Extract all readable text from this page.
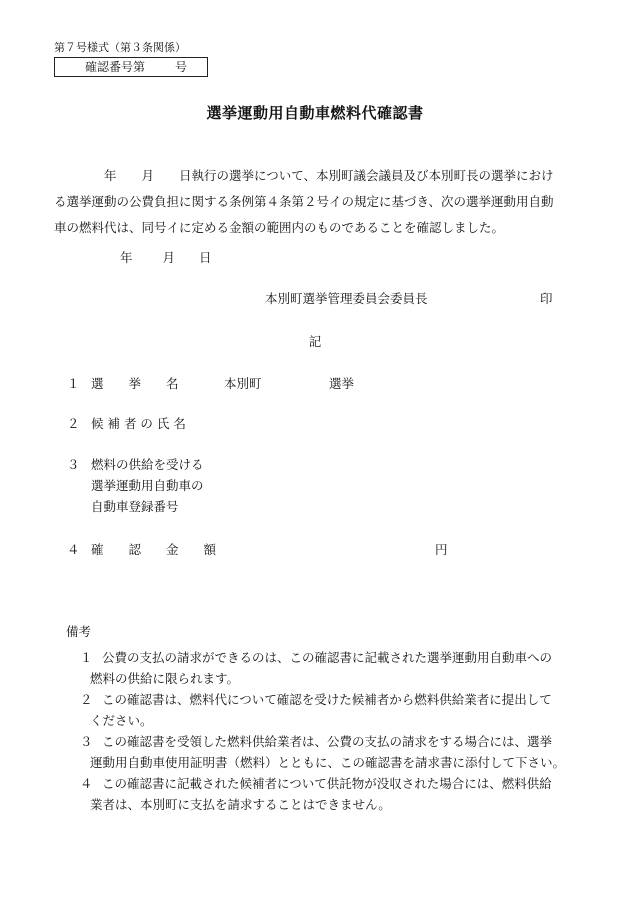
第７号様式（第３条関係）
確認番号第	号
選挙運動用自動車燃料代確認書

　　　　年　　月　　日執行の選挙について、本別町議会議員及び本別町長の選挙におけ

る選挙運動の公費負担に関する条例第４条第２号イの規定に基づき、次の選挙運動用自動

車の燃料代は、同号イに定める金額の範囲内のものであることを確認しました。

年 月 日
本別町選挙管理委員会委員長	印
記
１ 選　　挙　　名	本別町	選挙
２ 候 補 者 の 氏 名
３ 燃料の供給を受ける
選挙運動用自動車の
自動車登録番号
４ 確　　認　　金　　額	円
備考
１ 公費の支払の請求ができるのは、この確認書に記載された選挙運動用自動車への
燃料の供給に限られます。
２ この確認書は、燃料代について確認を受けた候補者から燃料供給業者に提出して
ください。
３ この確認書を受領した燃料供給業者は、公費の支払の請求をする場合には、選挙
運動用自動車使用証明書（燃料）とともに、この確認書を請求書に添付して下さい。
４ この確認書に記載された候補者について供託物が没収された場合には、燃料供給
業者は、本別町に支払を請求することはできません。
